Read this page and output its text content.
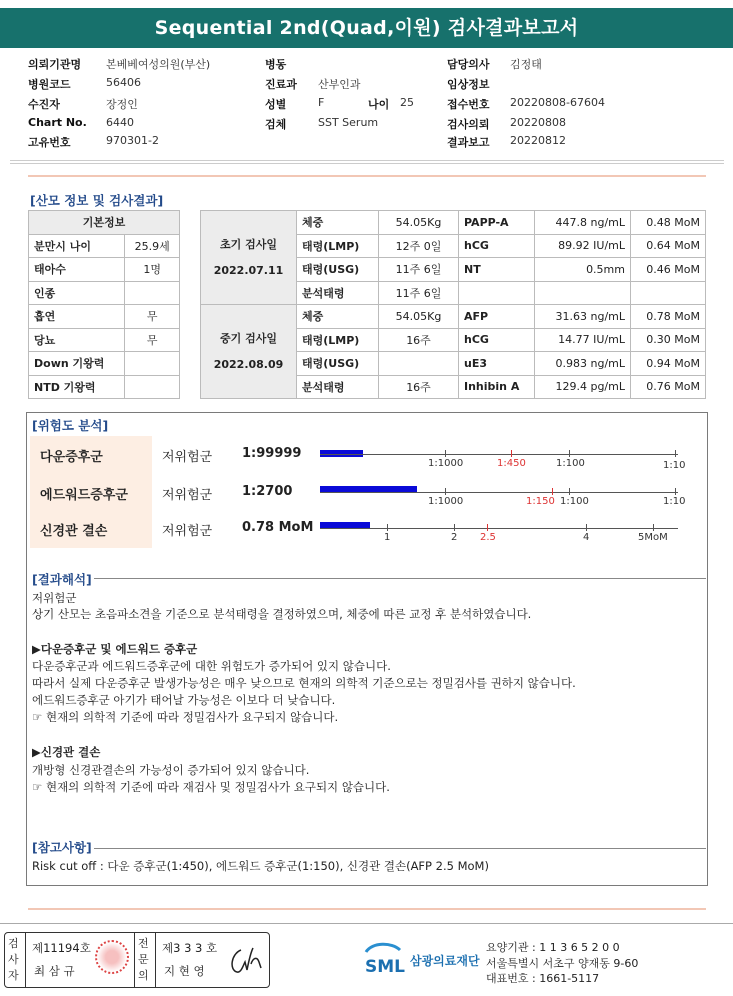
Sequential 2nd(Quad,이원) 검사결과보고서
의뢰기관명 본베베여성의원(부산)
병원코드	56406
수진자	장정인
Chart No. 6440
고유번호	970301-2
병동
진료과 산부인과
성별	F	나이 25
검체	SST Serum
담당의사 김정태
임상정보
접수번호 20220808-67604
검사의뢰 20220808
결과보고 20220812
[산모 정보 및 검사결과]
기본정보	
분만시 나이	25.9세
태아수	1명
인종	
흡연	무
당뇨	무
Down 기왕력	
NTD 기왕력	
초기 검사일
2022.07.11	체중	54.05Kg	PAPP-A	447.8 ng/mL	0.48 MoM
	태령(LMP)	12주 0일	hCG	89.92 IU/mL	0.64 MoM
	태령(USG)	11주 6일	NT	0.5mm	0.46 MoM
	분석태령	11주 6일			

중기 검사일
2022.08.09	체중	54.05Kg	AFP	31.63 ng/mL	0.78 MoM
	태령(LMP)	16주	hCG	14.77 IU/mL	0.30 MoM
	태령(USG)		uE3	0.983 ng/mL	0.94 MoM
	분석태령	16주	Inhibin A	129.4 pg/mL	0.76 MoM
[위험도 분석]
다운증후군	저위험군 1:99999
1:1000	1:450	1:100	1:10
에드워드증후군	저위험군 1:2700
1:1000	1:150 1:100	1:10
신경관 결손	저위험군 0.78 MoM
1	2 2.5	4	5MoM
[결과해석]
저위험군
상기 산모는 초음파소견을 기준으로 분석태령을 결정하였으며, 체중에 따른 교정 후 분석하였습니다.
▶다운증후군 및 에드워드 증후군
다운증후군과 에드워드증후군에 대한 위험도가 증가되어 있지 않습니다.
따라서 실제 다운증후군 발생가능성은 매우 낮으므로 현재의 의학적 기준으로는 정밀검사를 권하지 않습니다.
에드워드증후군 아기가 태어날 가능성은 이보다 더 낮습니다.
☞ 현재의 의학적 기준에 따라 정밀검사가 요구되지 않습니다.
▶신경관 결손
개방형 신경관결손의 가능성이 증가되어 있지 않습니다.
☞ 현재의 의학적 기준에 따라 재검사 및 정밀검사가 요구되지 않습니다.
[참고사항]
Risk cut off : 다운 증후군(1:450), 에드워드 증후군(1:150), 신경관 결손(AFP 2.5 MoM)
검사자
제11194호
최 삼 규
전문의
제3 3 3 호
지 현 영	SML 삼광의료재단
요양기관 : 1 1 3 6 5 2 0 0
서울특별시 서초구 양재동 9-60
대표번호 : 1661-5117
